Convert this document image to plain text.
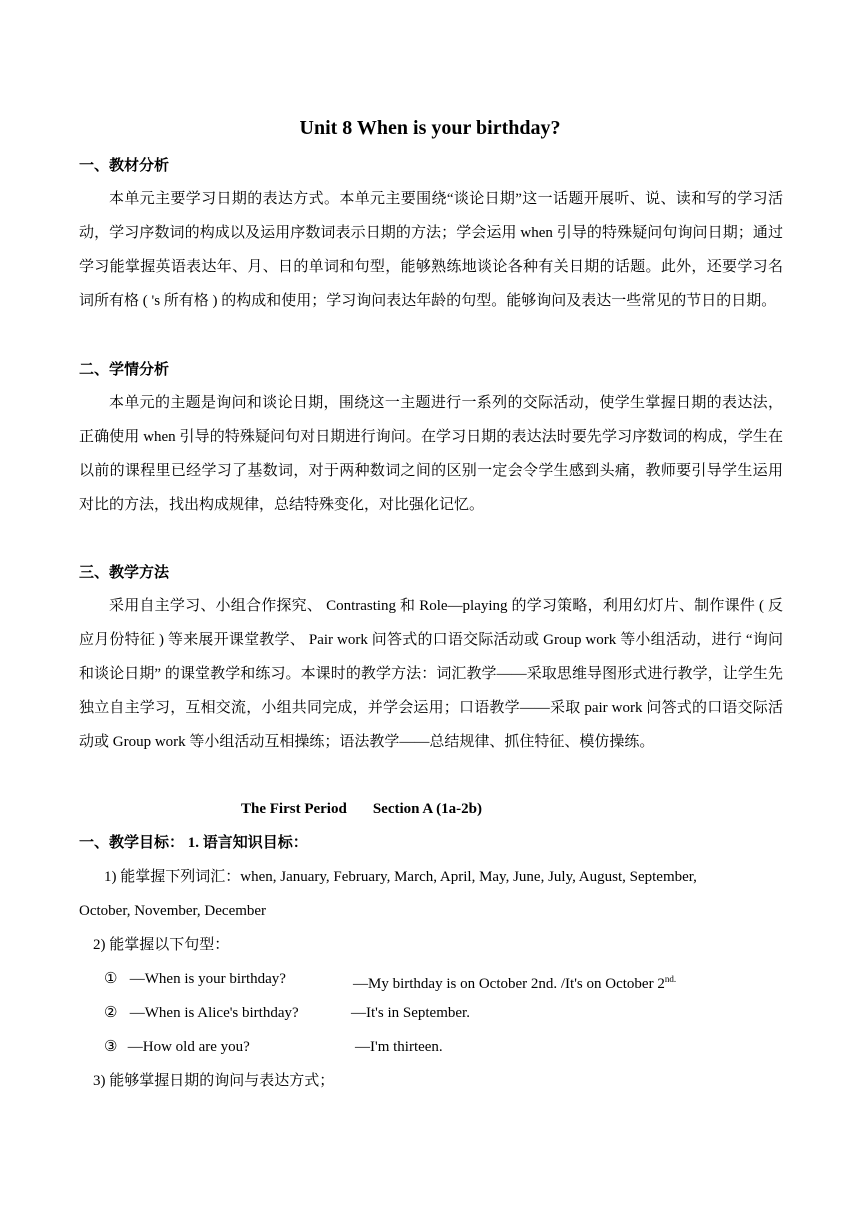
Unit 8 When is your birthday?
一、教材分析
本单元主要学习日期的表达方式。本单元主要围绕“谈论日期”这一话题开展听、说、读和写的学习活动，学习序数词的构成以及运用序数词表示日期的方法；学会运用 when 引导的特殊疑问句询问日期；通过学习能掌握英语表达年、月、日的单词和句型，能够熟练地谈论各种有关日期的话题。此外，还要学习名词所有格 ( 's 所有格 ) 的构成和使用；学习询问表达年龄的句型。能够询问及表达一些常见的节日的日期。
二、学情分析
本单元的主题是询问和谈论日期，围绕这一主题进行一系列的交际活动，使学生掌握日期的表达法，正确使用 when 引导的特殊疑问句对日期进行询问。在学习日期的表达法时要先学习序数词的构成，学生在以前的课程里已经学习了基数词，对于两种数词之间的区别一定会令学生感到头痛，教师要引导学生运用对比的方法，找出构成规律，总结特殊变化，对比强化记忆。
三、教学方法
采用自主学习、小组合作探究、 Contrasting 和 Role—playing 的学习策略，利用幻灯片、制作课件 ( 反应月份特征 ) 等来展开课堂教学、 Pair work 问答式的口语交际活动或 Group work 等小组活动，进行 “询问和谈论日期” 的课堂教学和练习。本课时的教学方法：词汇教学——采取思维导图形式进行教学，让学生先独立自主学习，互相交流，小组共同完成，并学会运用；口语教学——采取 pair work 问答式的口语交际活动或 Group work 等小组活动互相操练；语法教学——总结规律、抓住特征、模仿操练。
The First Period Section A (1a-2b)
一、教学目标： 1. 语言知识目标：
1) 能掌握下列词汇：when, January, February, March, April, May, June, July, August, September,
October, November, December
2) 能掌握以下句型：
① —When is your birthday?	—My birthday is on October 2nd. /It's on October $2^{nd.}$
② —When is Alice's birthday?	—It's in September.
③ —How old are you?	—I'm thirteen.
3) 能够掌握日期的询问与表达方式；
